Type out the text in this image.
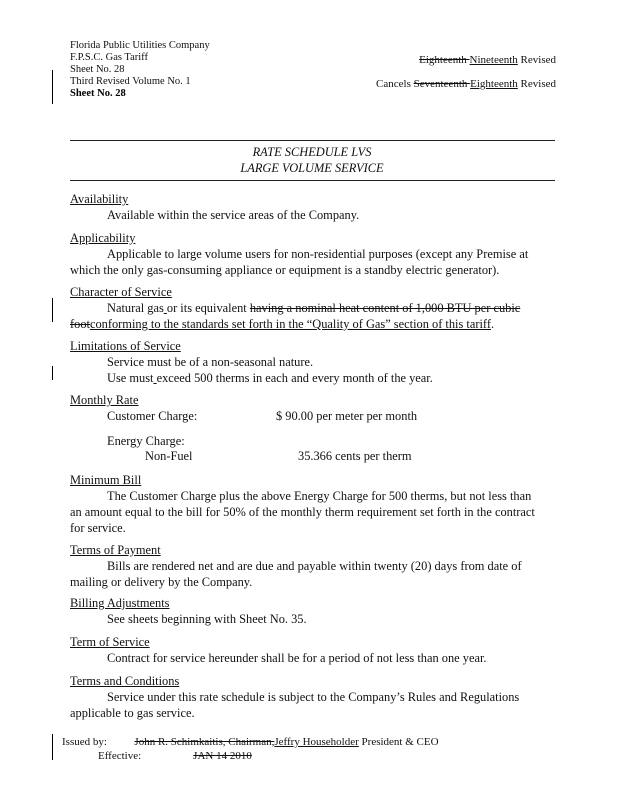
Florida Public Utilities Company
F.P.S.C. Gas Tariff
Sheet No. 28
Third Revised Volume No. 1
Sheet No. 28
Eighteenth Nineteenth Revised
Cancels Seventeenth Eighteenth Revised
RATE SCHEDULE LVS
LARGE VOLUME SERVICE
Availability
Available within the service areas of the Company.
Applicability
Applicable to large volume users for non-residential purposes (except any Premise at
which the only gas-consuming appliance or equipment is a standby electric generator).
Character of Service
Natural gas or its equivalent having a nominal heat content of 1,000 BTU per cubic
footconforming to the standards set forth in the “Quality of Gas” section of this tariff.
Limitations of Service
Service must be of a non-seasonal nature.
Use must exceed 500 therms in each and every month of the year.
Monthly Rate
Customer Charge:	$ 90.00 per meter per month
Energy Charge:
Non-Fuel	35.366 cents per therm
Minimum Bill
The Customer Charge plus the above Energy Charge for 500 therms, but not less than
an amount equal to the bill for 50% of the monthly therm requirement set forth in the contract
for service.
Terms of Payment
Bills are rendered net and are due and payable within twenty (20) days from date of
mailing or delivery by the Company.
Billing Adjustments
See sheets beginning with Sheet No. 35.
Term of Service
Contract for service hereunder shall be for a period of not less than one year.
Terms and Conditions
Service under this rate schedule is subject to the Company’s Rules and Regulations
applicable to gas service.
Issued by:	John R. Schimkaitis, Chairman,Jeffry Householder President & CEO
Effective:	JAN 14 2010
